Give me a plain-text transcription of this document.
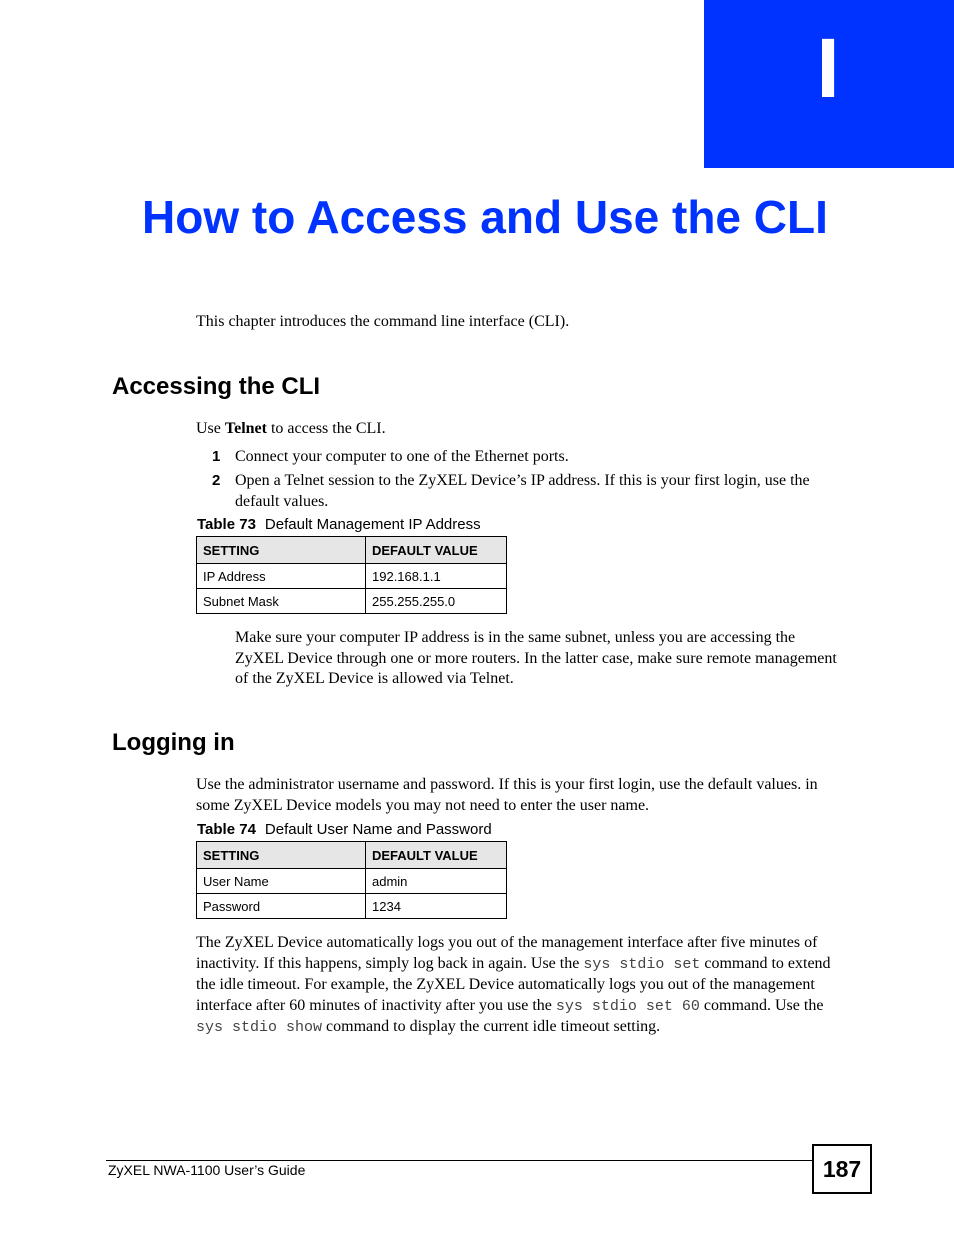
I
How to Access and Use the CLI

This chapter introduces the command line interface (CLI).

Accessing the CLI

Use Telnet to access the CLI.

1 Connect your computer to one of the Ethernet ports.
2 Open a Telnet session to the ZyXEL Device’s IP address. If this is your first login, use the default values.
Table 73 Default Management IP Address
SETTING	DEFAULT VALUE
IP Address	192.168.1.1
Subnet Mask	255.255.255.0

Make sure your computer IP address is in the same subnet, unless you are accessing the ZyXEL Device through one or more routers. In the latter case, make sure remote management of the ZyXEL Device is allowed via Telnet.

Logging in

Use the administrator username and password. If this is your first login, use the default values. in some ZyXEL Device models you may not need to enter the user name.

Table 74 Default User Name and Password
SETTING	DEFAULT VALUE
User Name	admin
Password	1234

The ZyXEL Device automatically logs you out of the management interface after five minutes of inactivity. If this happens, simply log back in again. Use the sys stdio set command to extend the idle timeout. For example, the ZyXEL Device automatically logs you out of the management interface after 60 minutes of inactivity after you use the sys stdio set 60 command. Use the sys stdio show command to display the current idle timeout setting.

ZyXEL NWA-1100 User’s Guide	187
